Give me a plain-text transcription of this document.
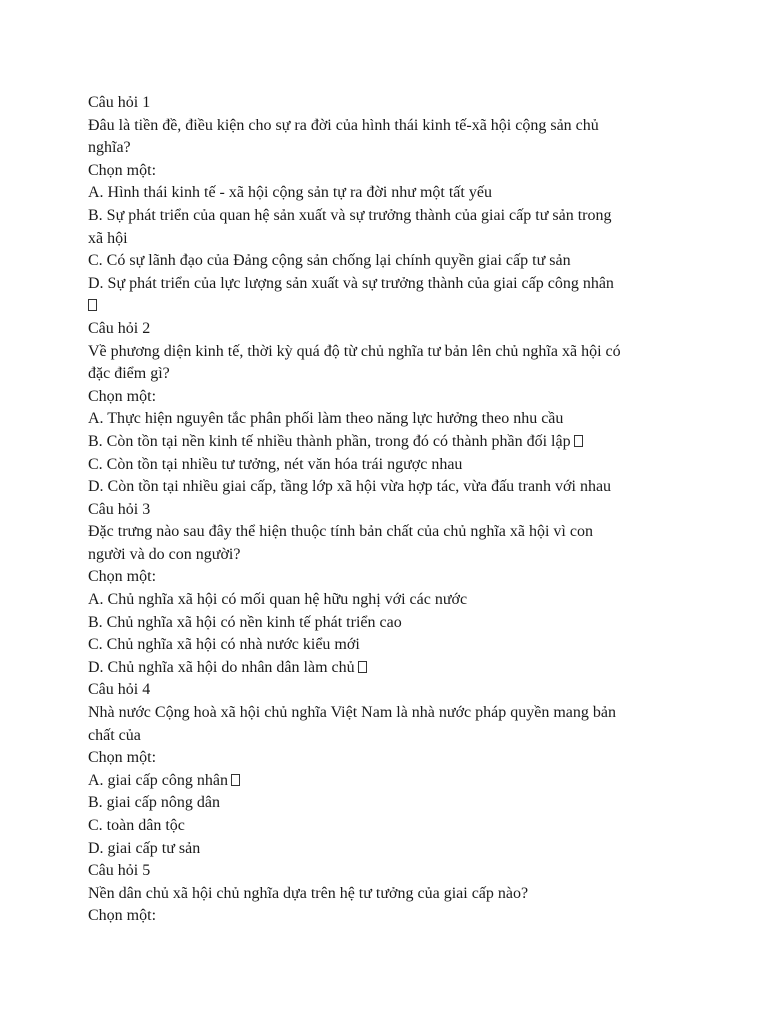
Câu hỏi 1
Đâu là tiền đề, điều kiện cho sự ra đời của hình thái kinh tế-xã hội cộng sản chủ
nghĩa?
Chọn một:
A. Hình thái kinh tế - xã hội cộng sản tự ra đời như một tất yếu
B. Sự phát triển của quan hệ sản xuất và sự trưởng thành của giai cấp tư sản trong
xã hội
C. Có sự lãnh đạo của Đảng cộng sản chống lại chính quyền giai cấp tư sản
D. Sự phát triển của lực lượng sản xuất và sự trưởng thành của giai cấp công nhân
Câu hỏi 2
Về phương diện kinh tế, thời kỳ quá độ từ chủ nghĩa tư bản lên chủ nghĩa xã hội có
đặc điểm gì?
Chọn một:
A. Thực hiện nguyên tắc phân phối làm theo năng lực hưởng theo nhu cầu
B. Còn tồn tại nền kinh tế nhiều thành phần, trong đó có thành phần đối lập
C. Còn tồn tại nhiều tư tưởng, nét văn hóa trái ngược nhau
D. Còn tồn tại nhiều giai cấp, tầng lớp xã hội vừa hợp tác, vừa đấu tranh với nhau
Câu hỏi 3
Đặc trưng nào sau đây thể hiện thuộc tính bản chất của chủ nghĩa xã hội vì con
người và do con người?
Chọn một:
A. Chủ nghĩa xã hội có mối quan hệ hữu nghị với các nước
B. Chủ nghĩa xã hội có nền kinh tế phát triển cao
C. Chủ nghĩa xã hội có nhà nước kiểu mới
D. Chủ nghĩa xã hội do nhân dân làm chủ
Câu hỏi 4
Nhà nước Cộng hoà xã hội chủ nghĩa Việt Nam là nhà nước pháp quyền mang bản
chất của
Chọn một:
A. giai cấp công nhân
B. giai cấp nông dân
C. toàn dân tộc
D. giai cấp tư sản
Câu hỏi 5
Nền dân chủ xã hội chủ nghĩa dựa trên hệ tư tưởng của giai cấp nào?
Chọn một:
